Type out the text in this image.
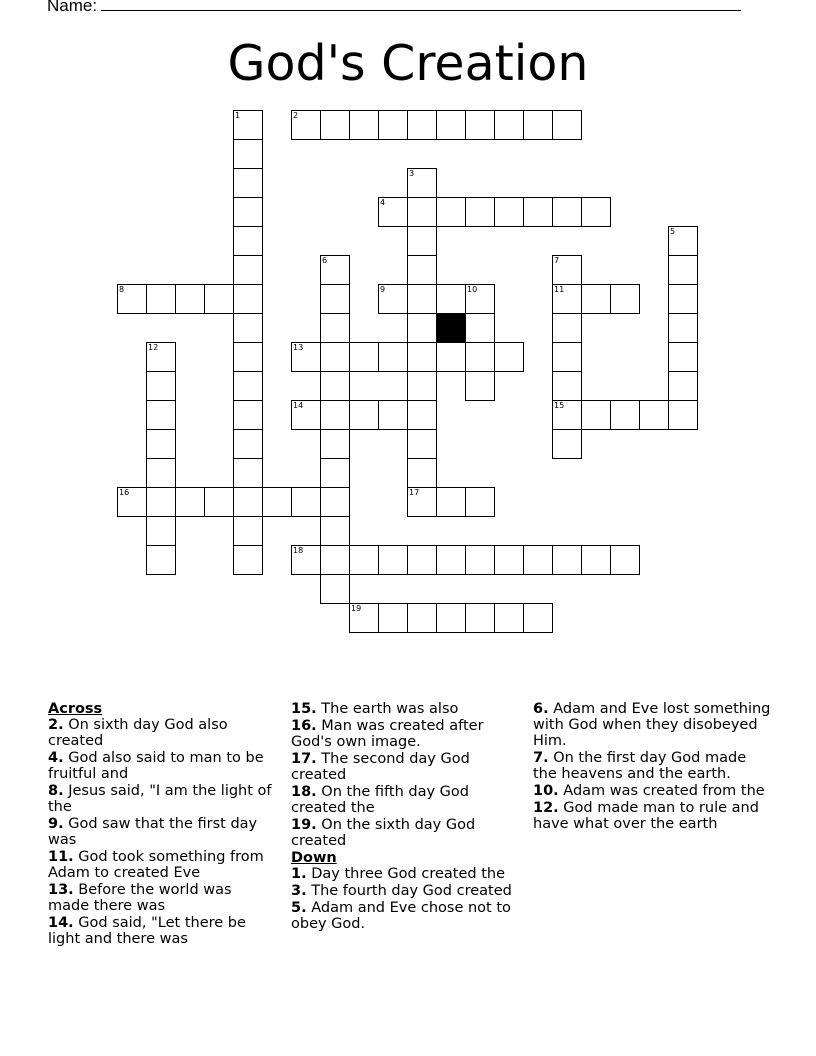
Name:
God's Creation
1	2
3
4
5
6	7
8	9	10	11
12	13
14	15
16	17
18
19
Across
2. On sixth day God also created
4. God also said to man to be fruitful and
8. Jesus said, "I am the light of the
9. God saw that the first day was
11. God took something from Adam to created Eve
13. Before the world was made there was
14. God said, "Let there be light and there was
15. The earth was also
16. Man was created after God's own image.
17. The second day God created
18. On the fifth day God created the
19. On the sixth day God created
Down
1. Day three God created the
3. The fourth day God created
5. Adam and Eve chose not to obey God.
6. Adam and Eve lost something with God when they disobeyed Him.
7. On the first day God made the heavens and the earth.
10. Adam was created from the
12. God made man to rule and have what over the earth
